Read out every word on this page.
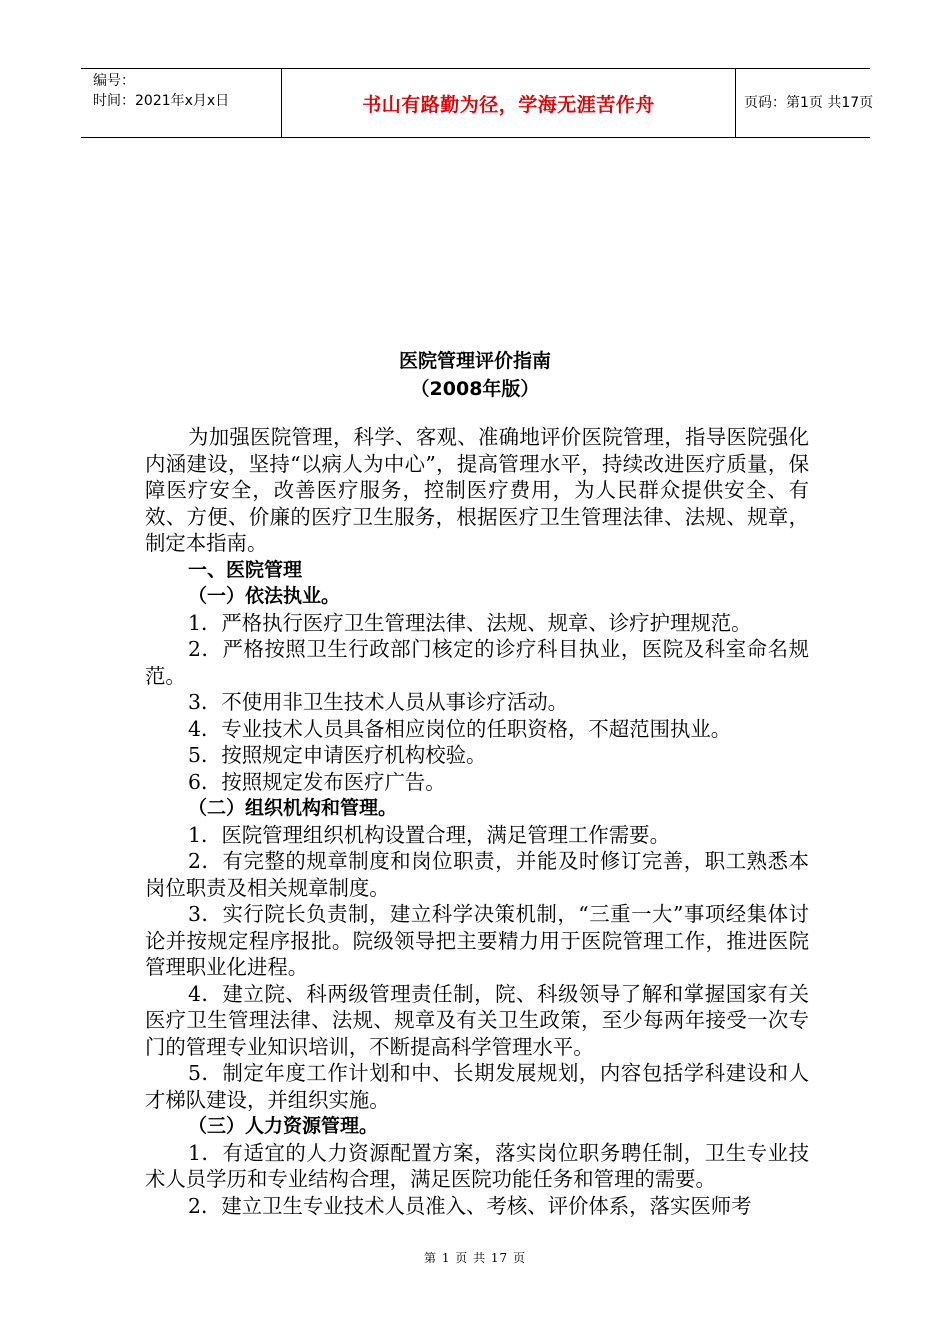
编号：
时间：2021年x月x日	书山有路勤为径，学海无涯苦作舟	页码：第1页 共17页
医院管理评价指南
（2008年版）

为加强医院管理，科学、客观、准确地评价医院管理，指导医院强化内涵建设，坚持“以病人为中心”，提高管理水平，持续改进医疗质量，保障医疗安全，改善医疗服务，控制医疗费用，为人民群众提供安全、有效、方便、价廉的医疗卫生服务，根据医疗卫生管理法律、法规、规章，制定本指南。

一、医院管理

（一）依法执业。

1．严格执行医疗卫生管理法律、法规、规章、诊疗护理规范。

2．严格按照卫生行政部门核定的诊疗科目执业，医院及科室命名规范。

3．不使用非卫生技术人员从事诊疗活动。

4．专业技术人员具备相应岗位的任职资格，不超范围执业。

5．按照规定申请医疗机构校验。

6．按照规定发布医疗广告。

（二）组织机构和管理。

1．医院管理组织机构设置合理，满足管理工作需要。

2．有完整的规章制度和岗位职责，并能及时修订完善，职工熟悉本岗位职责及相关规章制度。

3．实行院长负责制，建立科学决策机制，“三重一大”事项经集体讨论并按规定程序报批。院级领导把主要精力用于医院管理工作，推进医院管理职业化进程。

4．建立院、科两级管理责任制，院、科级领导了解和掌握国家有关医疗卫生管理法律、法规、规章及有关卫生政策，至少每两年接受一次专门的管理专业知识培训，不断提高科学管理水平。

5．制定年度工作计划和中、长期发展规划，内容包括学科建设和人才梯队建设，并组织实施。

（三）人力资源管理。

1．有适宜的人力资源配置方案，落实岗位职务聘任制，卫生专业技术人员学历和专业结构合理，满足医院功能任务和管理的需要。

2．建立卫生专业技术人员准入、考核、评价体系，落实医师考

第 1 页 共 17 页
